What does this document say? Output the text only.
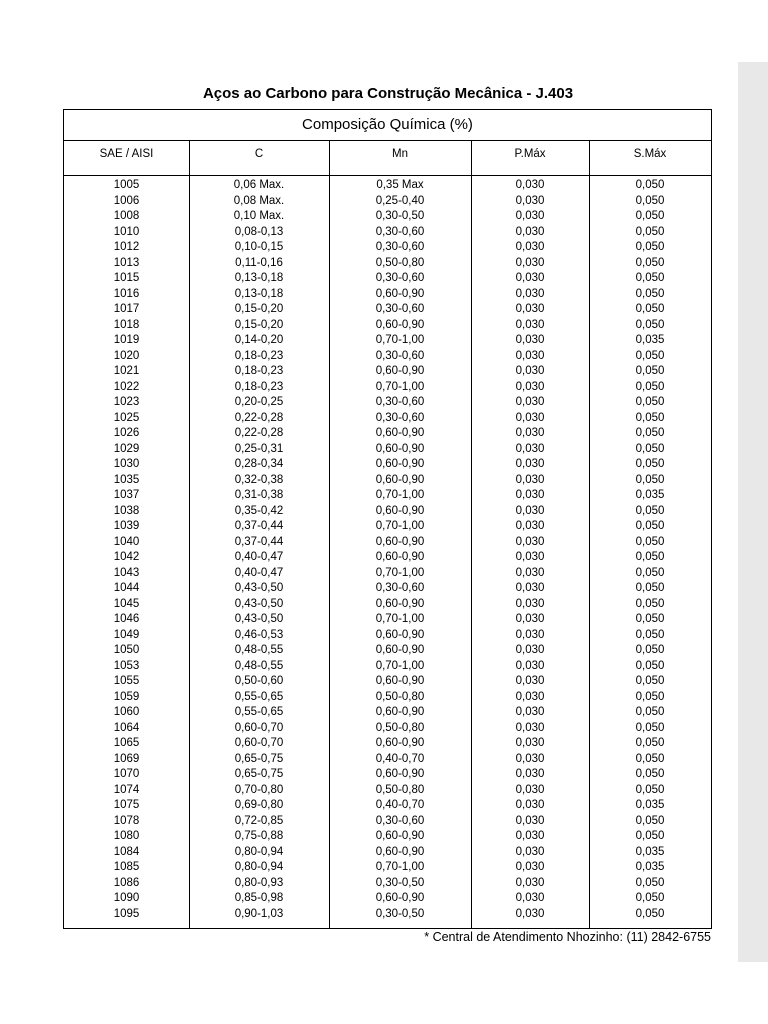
Aços ao Carbono para Construção Mecânica - J.403
Composição Química (%)
SAE / AISI	C	Mn	P.Máx	S.Máx
1005	0,06 Max.	0,35 Max	0,030	0,050
1006	0,08 Max.	0,25-0,40	0,030	0,050
1008	0,10 Max.	0,30-0,50	0,030	0,050
1010	0,08-0,13	0,30-0,60	0,030	0,050
1012	0,10-0,15	0,30-0,60	0,030	0,050
1013	0,11-0,16	0,50-0,80	0,030	0,050
1015	0,13-0,18	0,30-0,60	0,030	0,050
1016	0,13-0,18	0,60-0,90	0,030	0,050
1017	0,15-0,20	0,30-0,60	0,030	0,050
1018	0,15-0,20	0,60-0,90	0,030	0,050
1019	0,14-0,20	0,70-1,00	0,030	0,035
1020	0,18-0,23	0,30-0,60	0,030	0,050
1021	0,18-0,23	0,60-0,90	0,030	0,050
1022	0,18-0,23	0,70-1,00	0,030	0,050
1023	0,20-0,25	0,30-0,60	0,030	0,050
1025	0,22-0,28	0,30-0,60	0,030	0,050
1026	0,22-0,28	0,60-0,90	0,030	0,050
1029	0,25-0,31	0,60-0,90	0,030	0,050
1030	0,28-0,34	0,60-0,90	0,030	0,050
1035	0,32-0,38	0,60-0,90	0,030	0,050
1037	0,31-0,38	0,70-1,00	0,030	0,035
1038	0,35-0,42	0,60-0,90	0,030	0,050
1039	0,37-0,44	0,70-1,00	0,030	0,050
1040	0,37-0,44	0,60-0,90	0,030	0,050
1042	0,40-0,47	0,60-0,90	0,030	0,050
1043	0,40-0,47	0,70-1,00	0,030	0,050
1044	0,43-0,50	0,30-0,60	0,030	0,050
1045	0,43-0,50	0,60-0,90	0,030	0,050
1046	0,43-0,50	0,70-1,00	0,030	0,050
1049	0,46-0,53	0,60-0,90	0,030	0,050
1050	0,48-0,55	0,60-0,90	0,030	0,050
1053	0,48-0,55	0,70-1,00	0,030	0,050
1055	0,50-0,60	0,60-0,90	0,030	0,050
1059	0,55-0,65	0,50-0,80	0,030	0,050
1060	0,55-0,65	0,60-0,90	0,030	0,050
1064	0,60-0,70	0,50-0,80	0,030	0,050
1065	0,60-0,70	0,60-0,90	0,030	0,050
1069	0,65-0,75	0,40-0,70	0,030	0,050
1070	0,65-0,75	0,60-0,90	0,030	0,050
1074	0,70-0,80	0,50-0,80	0,030	0,050
1075	0,69-0,80	0,40-0,70	0,030	0,035
1078	0,72-0,85	0,30-0,60	0,030	0,050
1080	0,75-0,88	0,60-0,90	0,030	0,050
1084	0,80-0,94	0,60-0,90	0,030	0,035
1085	0,80-0,94	0,70-1,00	0,030	0,035
1086	0,80-0,93	0,30-0,50	0,030	0,050
1090	0,85-0,98	0,60-0,90	0,030	0,050
1095	0,90-1,03	0,30-0,50	0,030	0,050
* Central de Atendimento Nhozinho: (11) 2842-6755
